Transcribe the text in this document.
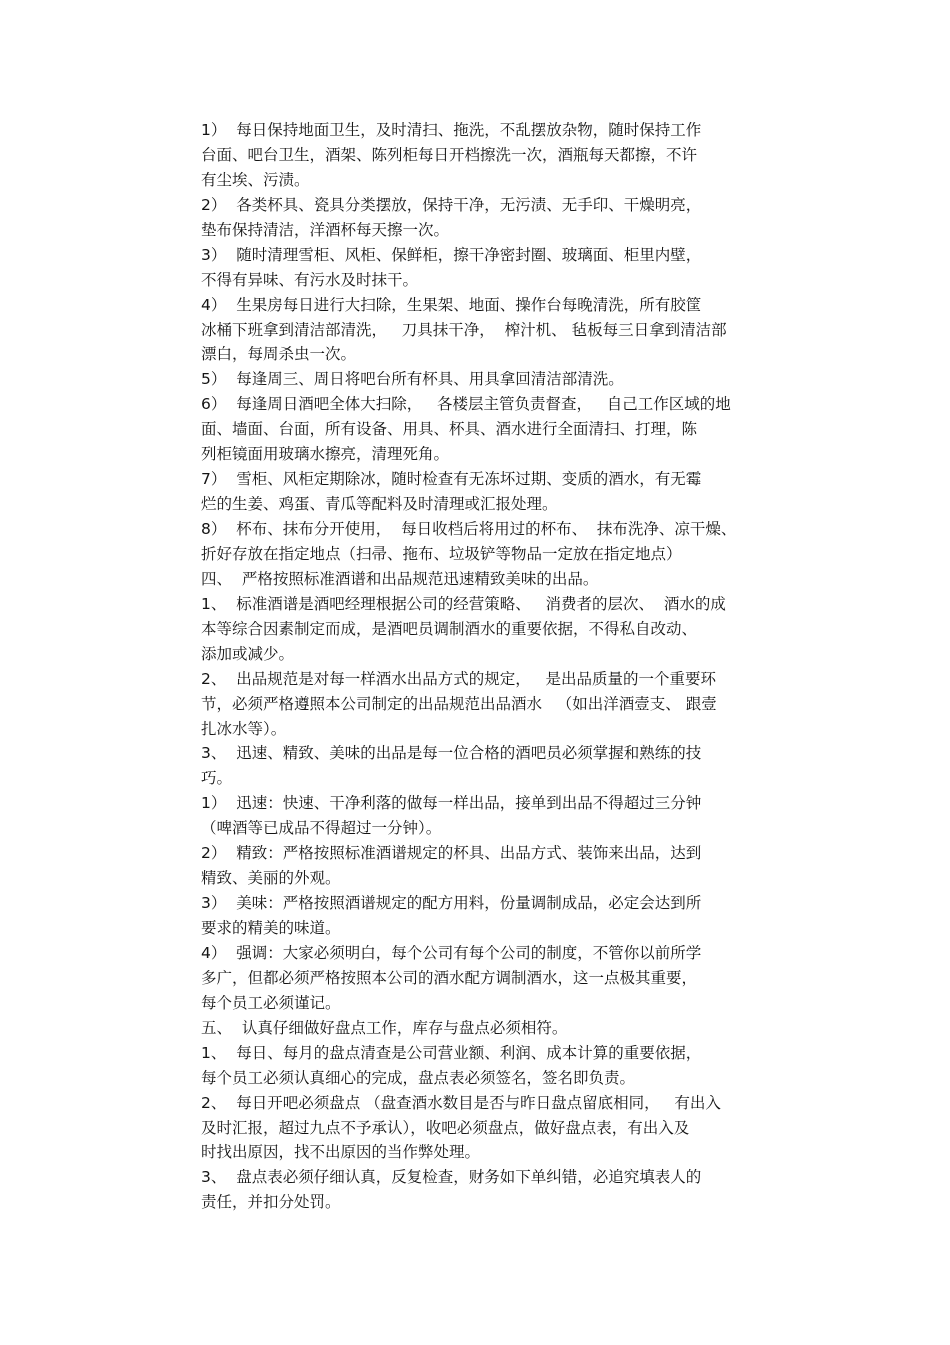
1）  每日保持地面卫生，及时清扫、拖洗，不乱摆放杂物，随时保持工作
台面、吧台卫生，酒架、陈列柜每日开档擦洗一次，酒瓶每天都擦，不许
有尘埃、污渍。
2）  各类杯具、瓷具分类摆放，保持干净，无污渍、无手印、干燥明亮，
垫布保持清洁，洋酒杯每天擦一次。
3）  随时清理雪柜、风柜、保鲜柜，擦干净密封圈、玻璃面、柜里内壁，
不得有异味、有污水及时抹干。
4）  生果房每日进行大扫除，生果架、地面、操作台每晚清洗，所有胶筐
冰桶下班拿到清洁部清洗，   刀具抹干净，  榨汁机、 毡板每三日拿到清洁部
漂白，每周杀虫一次。
5）  每逢周三、周日将吧台所有杯具、用具拿回清洁部清洗。
6）  每逢周日酒吧全体大扫除，   各楼层主管负责督查，   自己工作区域的地
面、墙面、台面，所有设备、用具、杯具、酒水进行全面清扫、打理，陈
列柜镜面用玻璃水擦亮，清理死角。
7）  雪柜、风柜定期除冰，随时检查有无冻坏过期、变质的酒水，有无霉
烂的生姜、鸡蛋、青瓜等配料及时清理或汇报处理。
8）  杯布、抹布分开使用，  每日收档后将用过的杯布、  抹布洗净、凉干燥、
折好存放在指定地点（扫帚、拖布、垃圾铲等物品一定放在指定地点）
四、  严格按照标准酒谱和出品规范迅速精致美味的出品。
1、  标准酒谱是酒吧经理根据公司的经营策略、   消费者的层次、  酒水的成
本等综合因素制定而成，是酒吧员调制酒水的重要依据，不得私自改动、
添加或减少。
2、  出品规范是对每一样酒水出品方式的规定，   是出品质量的一个重要环
节，必须严格遵照本公司制定的出品规范出品酒水   （如出洋酒壹支、 跟壹
扎冰水等）。
3、  迅速、精致、美味的出品是每一位合格的酒吧员必须掌握和熟练的技
巧。
1）  迅速：快速、干净利落的做每一样出品，接单到出品不得超过三分钟
（啤酒等已成品不得超过一分钟）。
2）  精致：严格按照标准酒谱规定的杯具、出品方式、装饰来出品，达到
精致、美丽的外观。
3）  美味：严格按照酒谱规定的配方用料，份量调制成品，必定会达到所
要求的精美的味道。
4）  强调：大家必须明白，每个公司有每个公司的制度，不管你以前所学
多广，但都必须严格按照本公司的酒水配方调制酒水，这一点极其重要，
每个员工必须谨记。
五、  认真仔细做好盘点工作，库存与盘点必须相符。
1、  每日、每月的盘点清查是公司营业额、利润、成本计算的重要依据，
每个员工必须认真细心的完成，盘点表必须签名，签名即负责。
2、  每日开吧必须盘点 （盘查酒水数目是否与昨日盘点留底相同，   有出入
及时汇报，超过九点不予承认），收吧必须盘点，做好盘点表，有出入及
时找出原因，找不出原因的当作弊处理。
3、  盘点表必须仔细认真，反复检查，财务如下单纠错，必追究填表人的
责任，并扣分处罚。
